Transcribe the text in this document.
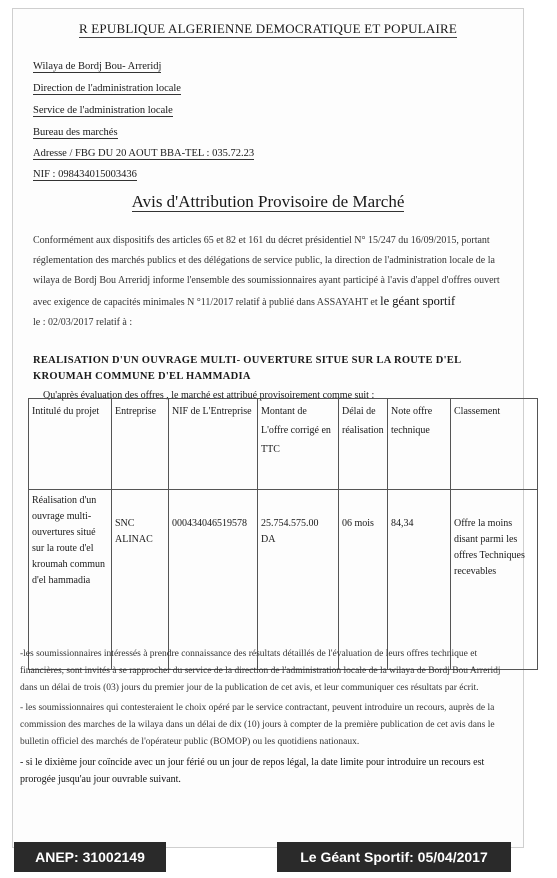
R EPUBLIQUE ALGERIENNE DEMOCRATIQUE ET POPULAIRE
Wilaya de Bordj Bou- Arreridj
Direction de l'administration locale
Service de l'administration locale
Bureau des marchés
Adresse / FBG DU 20 AOUT BBA-TEL : 035.72.23
NIF : 098434015003436
Avis d'Attribution Provisoire de Marché
Conformément aux dispositifs des articles 65 et 82 et 161 du décret présidentiel N° 15/247 du 16/09/2015, portant réglementation des marchés publics et des délégations de service public, la direction de l'administration locale de la wilaya de Bordj Bou Arreridj informe l'ensemble des soumissionnaires ayant participé à l'avis d'appel d'offres ouvert avec exigence de capacités minimales N °11/2017 relatif à publié dans ASSAYAHT et le géant sportif
le : 02/03/2017 relatif à :
REALISATION D'UN OUVRAGE MULTI- OUVERTURE SITUE SUR LA ROUTE D'EL KROUMAH COMMUNE D'EL HAMMADIA
Qu'après évaluation des offres , le marché est attribué provisoirement comme suit :
Intitulé du projet	Entreprise	NIF de L'Entreprise	Montant de L'offre corrigé en TTC	Délai de réalisation	Note offre technique	Classement
Réalisation d'un ouvrage multi-ouvertures situé sur la route d'el kroumah commun d'el hammadia	SNC ALINAC	000434046519578	25.754.575.00 DA	06 mois	84,34	Offre la moins disant parmi les offres Techniques recevables

-les soumissionnaires intéressés à prendre connaissance des résultats détaillés de l'évaluation de leurs offres technique et financières, sont invités à se rapprocher du service de la direction de l'administration locale de la wilaya de Bordj Bou Arreridj dans un délai de trois (03) jours du premier jour de la publication de cet avis, et leur communiquer ces résultats par écrit.

- les soumissionnaires qui contesteraient le choix opéré par le service contractant, peuvent introduire un recours, auprès de la commission des marches de la wilaya dans un délai de dix (10) jours à compter de la première publication de cet avis dans le bulletin officiel des marchés de l'opérateur public (BOMOP) ou les quotidiens nationaux.

- si le dixième jour coïncide avec un jour férié ou un jour de repos légal, la date limite pour introduire un recours est prorogée jusqu'au jour ouvrable suivant.

ANEP: 31002149	Le Géant Sportif: 05/04/2017
